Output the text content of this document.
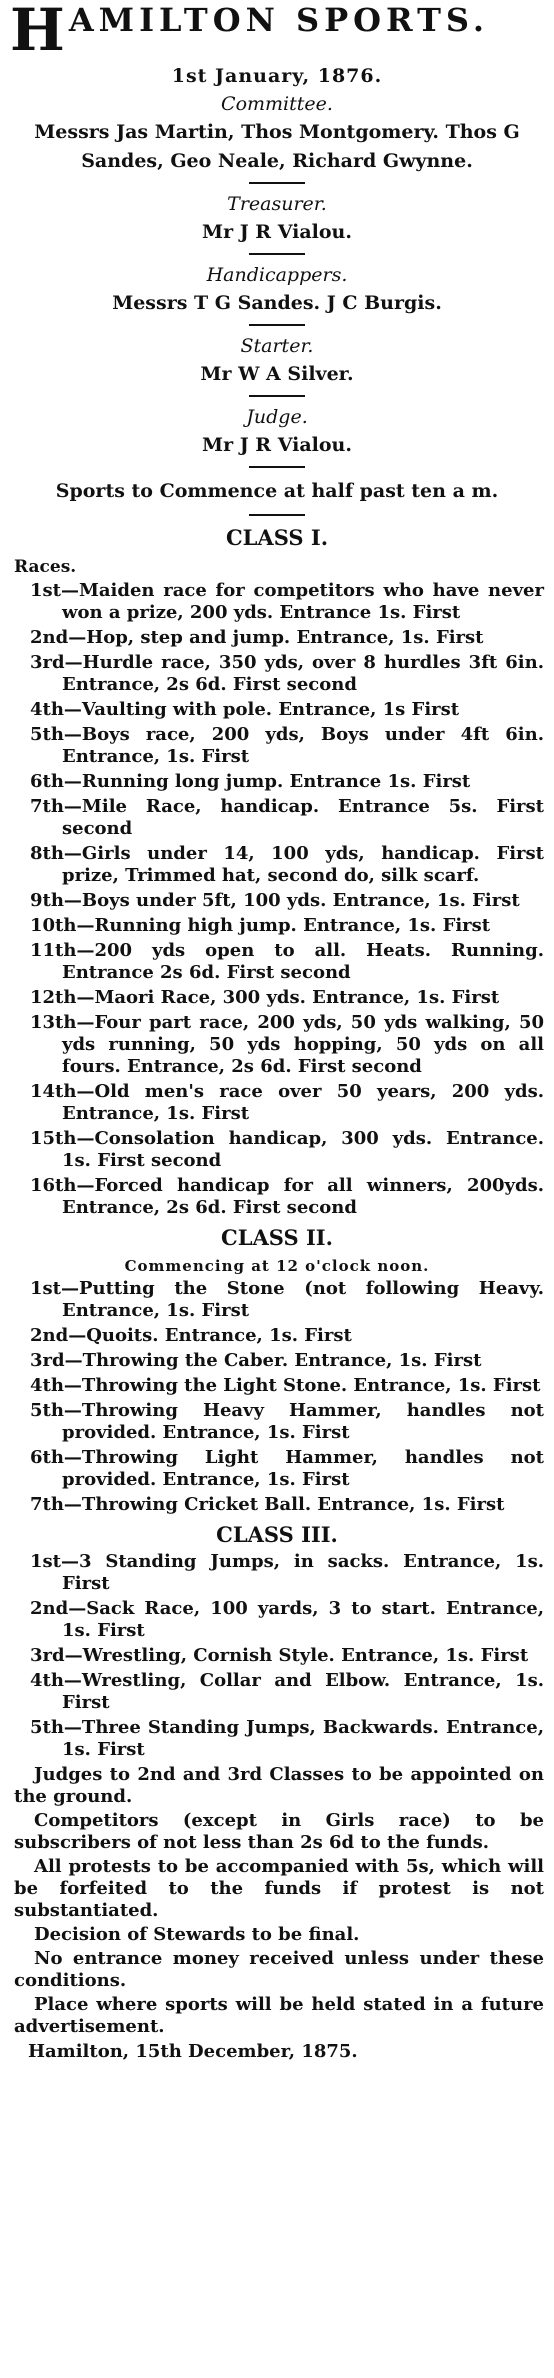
HAMILTON SPORTS.
1st January, 1876.
Committee.
Messrs Jas Martin, Thos Montgomery. Thos G Sandes, Geo Neale, Richard Gwynne.
Treasurer.
Mr J R Vialou.
Handicappers.
Messrs T G Sandes. J C Burgis.
Starter.
Mr W A Silver.
Judge.
Mr J R Vialou.
Sports to Commence at half past ten a m.
CLASS I.
Races.
1st—Maiden race for competitors who have never won a prize, 200 yds. Entrance 1s. First
2nd—Hop, step and jump. Entrance, 1s. First
3rd—Hurdle race, 350 yds, over 8 hurdles 3ft 6in. Entrance, 2s 6d. First second
4th—Vaulting with pole. Entrance, 1s First
5th—Boys race, 200 yds, Boys under 4ft 6in. Entrance, 1s. First
6th—Running long jump. Entrance 1s. First
7th—Mile Race, handicap. Entrance 5s. First second
8th—Girls under 14, 100 yds, handicap. First prize, Trimmed hat, second do, silk scarf.
9th—Boys under 5ft, 100 yds. Entrance, 1s. First
10th—Running high jump. Entrance, 1s. First
11th—200 yds open to all. Heats. Running. Entrance 2s 6d. First second
12th—Maori Race, 300 yds. Entrance, 1s. First
13th—Four part race, 200 yds, 50 yds walking, 50 yds running, 50 yds hopping, 50 yds on all fours. Entrance, 2s 6d. First second
14th—Old men's race over 50 years, 200 yds. Entrance, 1s. First
15th—Consolation handicap, 300 yds. Entrance. 1s. First second
16th—Forced handicap for all winners, 200yds. Entrance, 2s 6d. First second
CLASS II.
Commencing at 12 o'clock noon.
1st—Putting the Stone (not following Heavy. Entrance, 1s. First
2nd—Quoits. Entrance, 1s. First
3rd—Throwing the Caber. Entrance, 1s. First
4th—Throwing the Light Stone. Entrance, 1s. First
5th—Throwing Heavy Hammer, handles not provided. Entrance, 1s. First
6th—Throwing Light Hammer, handles not provided. Entrance, 1s. First
7th—Throwing Cricket Ball. Entrance, 1s. First
CLASS III.
1st—3 Standing Jumps, in sacks. Entrance, 1s. First
2nd—Sack Race, 100 yards, 3 to start. Entrance, 1s. First
3rd—Wrestling, Cornish Style. Entrance, 1s. First
4th—Wrestling, Collar and Elbow. Entrance, 1s. First
5th—Three Standing Jumps, Backwards. Entrance, 1s. First

Judges to 2nd and 3rd Classes to be appointed on the ground.

Competitors (except in Girls race) to be subscribers of not less than 2s 6d to the funds.

All protests to be accompanied with 5s, which will be forfeited to the funds if protest is not substantiated.

Decision of Stewards to be final.

No entrance money received unless under these conditions.

Place where sports will be held stated in a future advertisement.

Hamilton, 15th December, 1875.
